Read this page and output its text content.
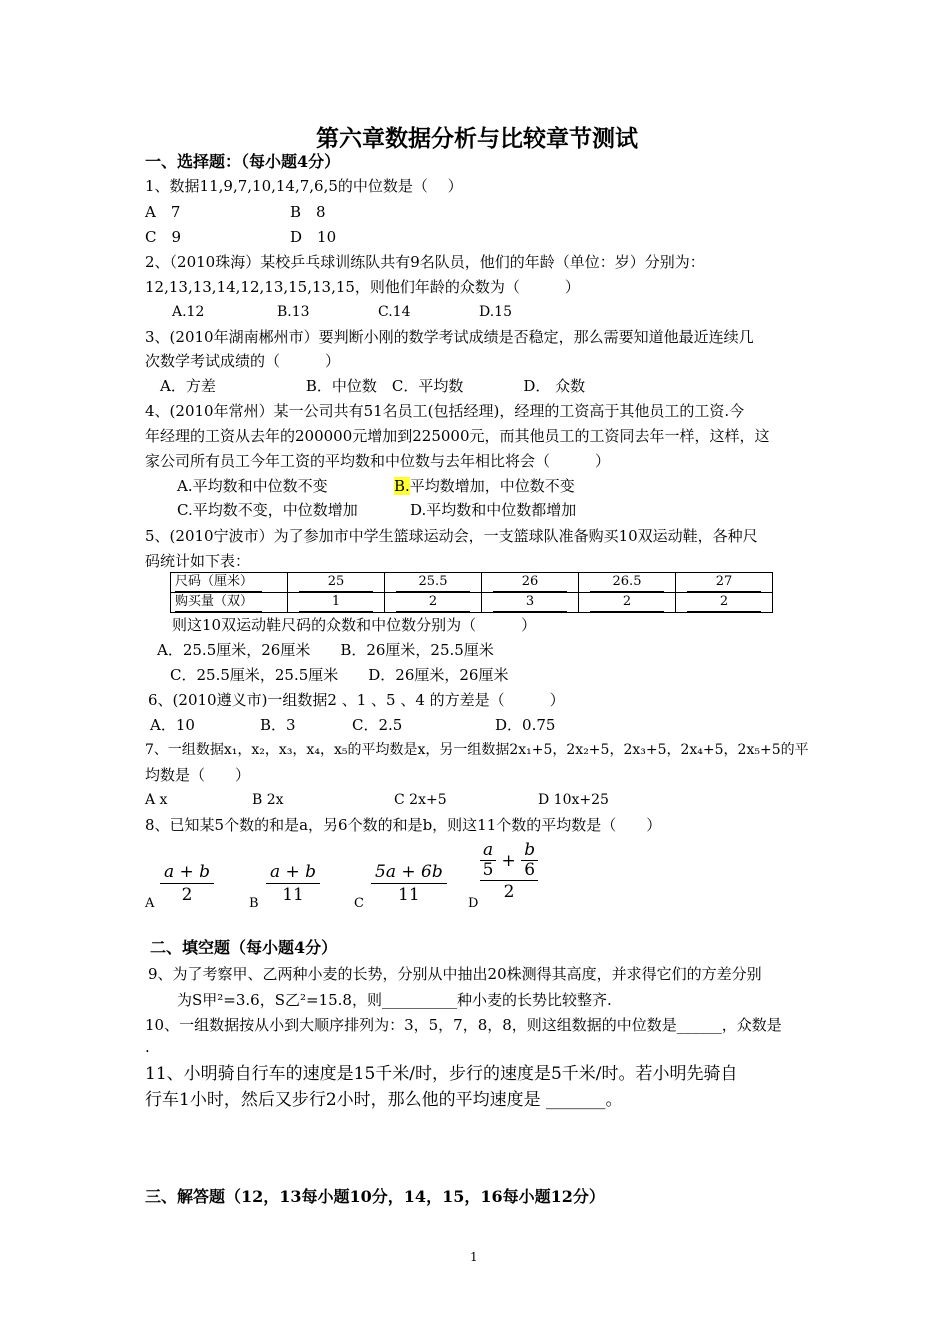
第六章数据分析与比较章节测试
一、选择题：（每小题4分）
1、数据11,9,7,10,14,7,6,5的中位数是（　 ）
A　7	B　8
C　9	D　10
2、（2010珠海）某校乒乓球训练队共有9名队员，他们的年龄（单位：岁）分别为：
12,13,13,14,12,13,15,13,15，则他们年龄的众数为（　　　）
A.12	B.13	C.14	D.15
3、(2010年湖南郴州市）要判断小刚的数学考试成绩是否稳定，那么需要知道他最近连续几
次数学考试成绩的（　　　）
A．方差　　　　　　B．中位数　C．平均数　　　　D． 众数
4、(2010年常州）某一公司共有51名员工(包括经理)，经理的工资高于其他员工的工资.今
年经理的工资从去年的200000元增加到225000元，而其他员工的工资同去年一样，这样，这
家公司所有员工今年工资的平均数和中位数与去年相比将会（　　　）
A.平均数和中位数不变	B.平均数增加，中位数不变
C.平均数不变，中位数增加	D.平均数和中位数都增加
5、(2010宁波市）为了参加市中学生篮球运动会，一支篮球队准备购买10双运动鞋，各种尺
码统计如下表：
尺码（厘米）	25	25.5	26	26.5	27
购买量（双）	1	2	3	2	2
则这10双运动鞋尺码的众数和中位数分别为（　　　）
A．25.5厘米，26厘米　　B．26厘米，25.5厘米
C．25.5厘米，25.5厘米　　D．26厘米，26厘米
6、(2010遵义市)一组数据2 、1 、5 、4 的方差是（　　　）
A．10	B．3	C．2.5	D．0.75
7、一组数据x₁，x₂，x₃，x₄，x₅的平均数是x，另一组数据2x₁+5，2x₂+5，2x₃+5，2x₄+5，2x₅+5的平
均数是（　　）
A x	B 2x	C 2x+5	D 10x+25
8、已知某5个数的和是a，另6个数的和是b，则这11个数的平均数是（　　）
A $\frac{a + b}{2}$	B $\frac{a + b}{11}$	C $\frac{5a + 6b}{11}$ D
$\frac{\frac{a}{5} + \frac{b}{6}}{2}$
二、填空题（每小题4分）
9、为了考察甲、乙两种小麦的长势，分别从中抽出20株测得其高度，并求得它们的方差分别
为S甲²=3.6，S乙²=15.8，则__________种小麦的长势比较整齐.
10、一组数据按从小到大顺序排列为：3，5，7，8，8，则这组数据的中位数是______，众数是
.
11、小明骑自行车的速度是15千米/时，步行的速度是5千米/时。若小明先骑自
行车1小时，然后又步行2小时，那么他的平均速度是 _______。
三、解答题（12，13每小题10分，14，15，16每小题12分）
1
